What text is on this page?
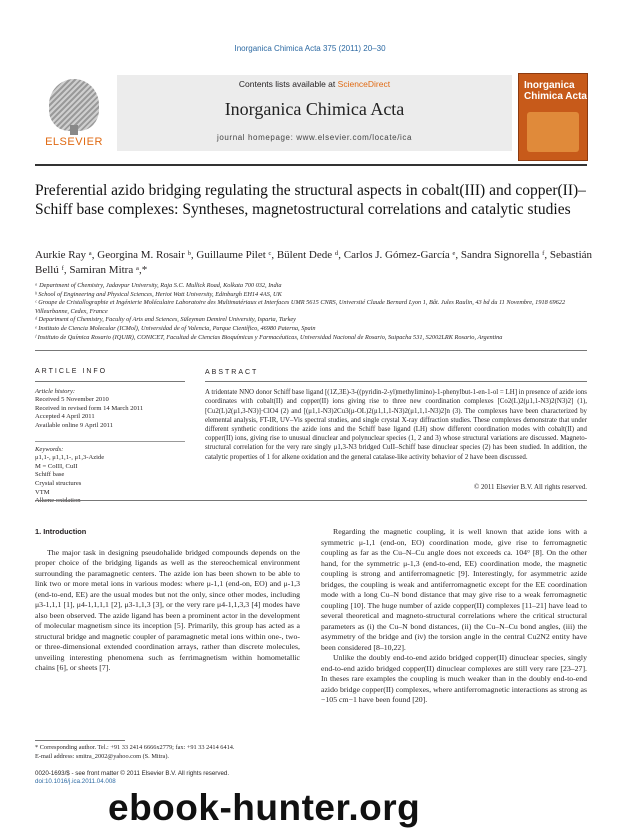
Inorganica Chimica Acta 375 (2011) 20–30
ELSEVIER
Contents lists available at ScienceDirect
Inorganica Chimica Acta
journal homepage: www.elsevier.com/locate/ica
Inorganica Chimica Acta
Preferential azido bridging regulating the structural aspects in cobalt(III) and copper(II)–Schiff base complexes: Syntheses, magnetostructural correlations and catalytic studies
Aurkie Ray ᵃ, Georgina M. Rosair ᵇ, Guillaume Pilet ᶜ, Bülent Dede ᵈ, Carlos J. Gómez-García ᵉ, Sandra Signorella ᶠ, Sebastián Bellú ᶠ, Samiran Mitra ᵃ,*
ᵃ Department of Chemistry, Jadavpur University, Raja S.C. Mullick Road, Kolkata 700 032, India
ᵇ School of Engineering and Physical Sciences, Heriot Watt University, Edinburgh EH14 4AS, UK
ᶜ Groupe de Cristallographie et Ingénierie Moléculaire Laboratoire des Multimatériaux et Interfaces UMR 5615 CNRS, Université Claude Bernard Lyon 1, Bât. Jules Raulin, 43 bd du 11 Novembre, 1918 69622 Villeurbanne, Cedex, France
ᵈ Department of Chemistry, Faculty of Arts and Sciences, Süleyman Demirel University, Isparta, Turkey
ᵉ Instituto de Ciencia Molecular (ICMol), Universidad de of Valencia, Parque Científico, 46980 Paterna, Spain
ᶠ Instituto de Química Rosario (IQUIR), CONICET, Facultad de Ciencias Bioquímicas y Farmacéuticas, Universidad Nacional de Rosario, Suipacha 531, S2002LRK Rosario, Argentina
ARTICLE INFO
Article history:
Received 5 November 2010
Received in revised form 14 March 2011
Accepted 4 April 2011
Available online 9 April 2011
Keywords:
μ1,1-, μ1,1,1-, μ1,3-Azide
M = CoIII, CuII
Schiff base
Crystal structures
VTM
Alkene oxidation
ABSTRACT
A tridentate NNO donor Schiff base ligand [(1Z,3E)-3-((pyridin-2-yl)methylimino)-1-phenylbut-1-en-1-ol = LH] in presence of azide ions coordinates with cobalt(II) and copper(II) ions giving rise to three new coordination complexes [Co2(L)2(μ1,1-N3)2(N3)2] (1), [Cu2(L)2(μ1,3-N3)]·ClO4 (2) and [(μ1,1-N3)2Cu3(μ-OL)2(μ1,1,1-N3)2(μ1,1,1-N3)2]n (3). The complexes have been characterized by elemental analysis, FT-IR, UV–Vis spectral studies, and single crystal X-ray diffraction studies. These complexes demonstrate that under different synthetic conditions the azide ions and the Schiff base ligand (LH) show different coordination modes with cobalt(II) and copper(II) ions, giving rise to unusual dinuclear and polynuclear species (1, 2 and 3) whose structural variations are discussed. Magneto-structural correlation for the very rare singly μ1,3-N3 bridged CuII–Schiff base dinuclear species (2) has been studied. In addition, the catalytic properties of 1 for alkene oxidation and the general catalase-like activity behavior of 2 have been discussed.
© 2011 Elsevier B.V. All rights reserved.
1. Introduction

The major task in designing pseudohalide bridged compounds depends on the proper choice of the bridging ligands as well as the stereochemical environment surrounding the paramagnetic centers. The azide ion has been shown to be able to link two or more metal ions in various modes: where μ-1,1 (end-on, EO) and μ-1,3 (end-to-end, EE) are the usual modes but not the only, since other modes, including μ3-1,1,1 [1], μ4-1,1,1,1 [2], μ3-1,1,3 [3], or the very rare μ4-1,1,3,3 [4] modes have also been observed. The azide ligand has been a prominent actor in the development of molecular magnetism since its inception [5]. Primarily, this group has acted as a structural bridge and magnetic coupler of paramagnetic metal ions within one-, two- or three-dimensional extended coordination arrays, rather than discrete molecules, unveiling interesting phenomena such as ferrimagnetism within homometallic chains [6], or sheets [7].

Regarding the magnetic coupling, it is well known that azide ions with a symmetric μ-1,1 (end-on, EO) coordination mode, give rise to ferromagnetic coupling as far as the Cu–N–Cu angle does not exceeds ca. 104° [8]. On the other hand, for the symmetric μ-1,3 (end-to-end, EE) coordination mode, the magnetic coupling is strong and antiferromagnetic [9]. Interestingly, for asymmetric azide bridges, the coupling is weak and antiferromagnetic except for the EE coordination mode with a long Cu–N bond distance that may give rise to a weak ferromagnetic coupling [10]. The huge number of azide copper(II) complexes [11–21] have lead to several theoretical and magneto-structural correlations where the critical structural parameters as (i) the Cu–N bond distances, (ii) the Cu–N–Cu bond angles, (iii) the asymmetry of the bridge and (iv) the torsion angle in the central Cu2N2 entity have been considered [8–10,22].

Unlike the doubly end-to-end azido bridged copper(II) dinuclear species, singly end-to-end azido bridged copper(II) dinuclear complexes are still very rare [23–27]. In theses rare examples the coupling is much weaker than in the doubly end-to-end azido bridge copper(II) complexes, where antiferromagnetic interactions as strong as −105 cm−1 have been found [20].

* Corresponding author. Tel.: +91 33 2414 6666x2779; fax: +91 33 2414 6414.
E-mail address: smitra_2002@yahoo.com (S. Mitra).
0020-1693/$ - see front matter © 2011 Elsevier B.V. All rights reserved.
doi:10.1016/j.ica.2011.04.008
ebook-hunter.org
